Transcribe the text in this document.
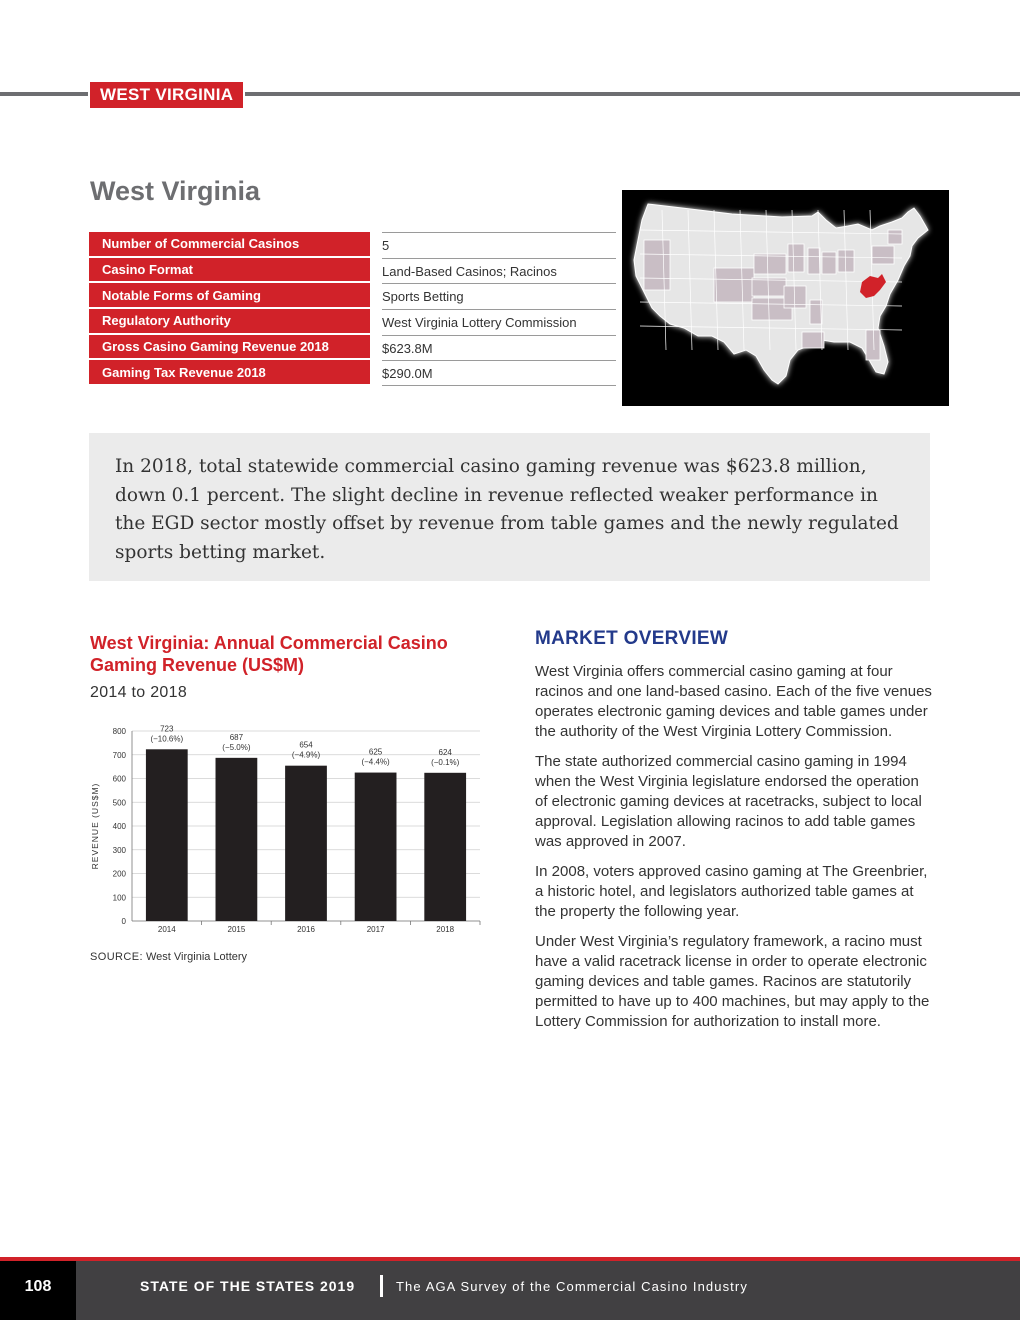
WEST VIRGINIA
West Virginia
Number of Commercial Casinos		5
Casino Format		Land-Based Casinos; Racinos
Notable Forms of Gaming		Sports Betting
Regulatory Authority		West Virginia Lottery Commission
Gross Casino Gaming Revenue 2018		$623.8M
Gaming Tax Revenue 2018		$290.0M

In 2018, total statewide commercial casino gaming revenue was $623.8 million, down 0.1 percent. The slight decline in revenue reflected weaker performance in the EGD sector mostly offset by revenue from table games and the newly regulated sports betting market.

West Virginia: Annual Commercial Casino Gaming Revenue (US$M)
2014 to 2018
0
100
200
300
400
500
600
700
800	723
(−10.6%)
2014
687
(−5.0%)
2015
654
(−4.9%)
2016
625
(−4.4%)
2017
624
(−0.1%)
2018
REVENUE (US$M)
SOURCE: West Virginia Lottery
MARKET OVERVIEW

West Virginia offers commercial casino gaming at four racinos and one land-based casino. Each of the five venues operates electronic gaming devices and table games under the authority of the West Virginia Lottery Commission.

The state authorized commercial casino gaming in 1994 when the West Virginia legislature endorsed the operation of electronic gaming devices at racetracks, subject to local approval. Legislation allowing racinos to add table games was approved in 2007.

In 2008, voters approved casino gaming at The Greenbrier, a historic hotel, and legislators authorized table games at the property the following year.

Under West Virginia’s regulatory framework, a racino must have a valid racetrack license in order to operate electronic gaming devices and table games. Racinos are statutorily permitted to have up to 400 machines, but may apply to the Lottery Commission for authorization to install more.

108	STATE OF THE STATES 2019	The AGA Survey of the Commercial Casino Industry
